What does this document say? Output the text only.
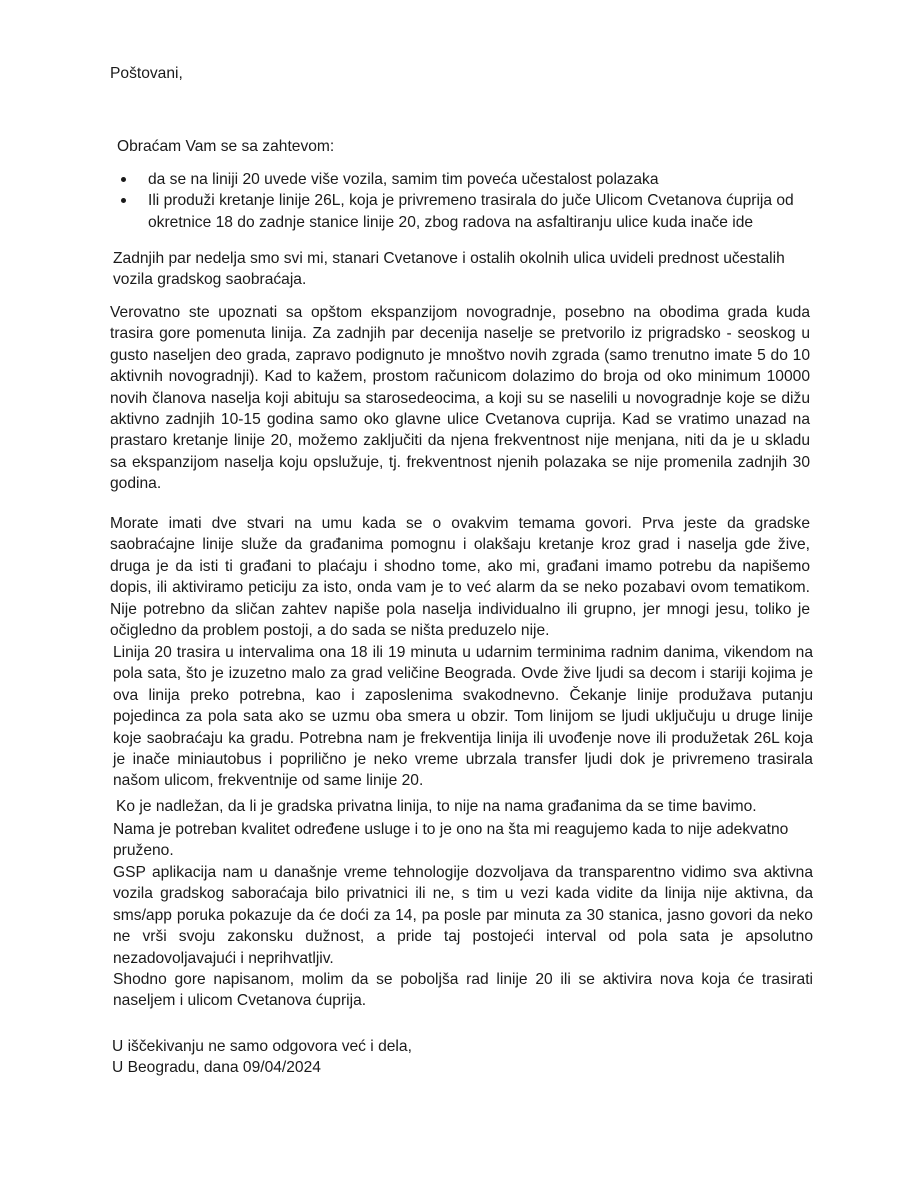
Poštovani,

Obraćam Vam se sa zahtevom:

da se na liniji 20 uvede više vozila, samim tim poveća učestalost polazaka
Ili produži kretanje linije 26L, koja je privremeno trasirala do juče Ulicom Cvetanova ćuprija od okretnice 18 do zadnje stanice linije 20, zbog radova na asfaltiranju ulice kuda inače ide

Zadnjih par nedelja smo svi mi, stanari Cvetanove i ostalih okolnih ulica uvideli prednost učestalih vozila gradskog saobraćaja.

Verovatno ste upoznati sa opštom ekspanzijom novogradnje, posebno na obodima grada kuda trasira gore pomenuta linija. Za zadnjih par decenija naselje se pretvorilo iz prigradsko - seoskog u gusto naseljen deo grada, zapravo podignuto je mnoštvo novih zgrada (samo trenutno imate 5 do 10 aktivnih novogradnji). Kad to kažem, prostom računicom dolazimo do broja od oko minimum 10000 novih članova naselja koji abituju sa starosedeocima, a koji su se naselili u novogradnje koje se dižu aktivno zadnjih 10-15 godina samo oko glavne ulice Cvetanova cuprija. Kad se vratimo unazad na prastaro kretanje linije 20, možemo zaključiti da njena frekventnost nije menjana, niti da je u skladu sa ekspanzijom naselja koju opslužuje, tj. frekventnost njenih polazaka se nije promenila zadnjih 30 godina.

Morate imati dve stvari na umu kada se o ovakvim temama govori. Prva jeste da gradske saobraćajne linije služe da građanima pomognu i olakšaju kretanje kroz grad i naselja gde žive, druga je da isti ti građani to plaćaju i shodno tome, ako mi, građani imamo potrebu da napišemo dopis, ili aktiviramo peticiju za isto, onda vam je to već alarm da se neko pozabavi ovom tematikom. Nije potrebno da sličan zahtev napiše pola naselja individualno ili grupno, jer mnogi jesu, toliko je očigledno da problem postoji, a do sada se ništa preduzelo nije.

Linija 20 trasira u intervalima ona 18 ili 19 minuta u udarnim terminima radnim danima, vikendom na pola sata, što je izuzetno malo za grad veličine Beograda. Ovde žive ljudi sa decom i stariji kojima je ova linija preko potrebna, kao i zaposlenima svakodnevno. Čekanje linije produžava putanju pojedinca za pola sata ako se uzmu oba smera u obzir. Tom linijom se ljudi uključuju u druge linije koje saobraćaju ka gradu. Potrebna nam je frekventija linija ili uvođenje nove ili produžetak 26L koja je inače miniautobus i poprilično je neko vreme ubrzala transfer ljudi dok je privremeno trasirala našom ulicom, frekventnije od same linije 20.

Ko je nadležan, da li je gradska privatna linija, to nije na nama građanima da se time bavimo.

Nama je potreban kvalitet određene usluge i to je ono na šta mi reagujemo kada to nije adekvatno pruženo.

GSP aplikacija nam u današnje vreme tehnologije dozvoljava da transparentno vidimo sva aktivna vozila gradskog saboraćaja bilo privatnici ili ne, s tim u vezi kada vidite da linija nije aktivna, da sms/app poruka pokazuje da će doći za 14, pa posle par minuta za 30 stanica, jasno govori da neko ne vrši svoju zakonsku dužnost, a pride taj postojeći interval od pola sata je apsolutno nezadovoljavajući i neprihvatljiv.

Shodno gore napisanom, molim da se poboljša rad linije 20 ili se aktivira nova koja će trasirati naseljem i ulicom Cvetanova ćuprija.

U iščekivanju ne samo odgovora već i dela,
U Beogradu, dana 09/04/2024
